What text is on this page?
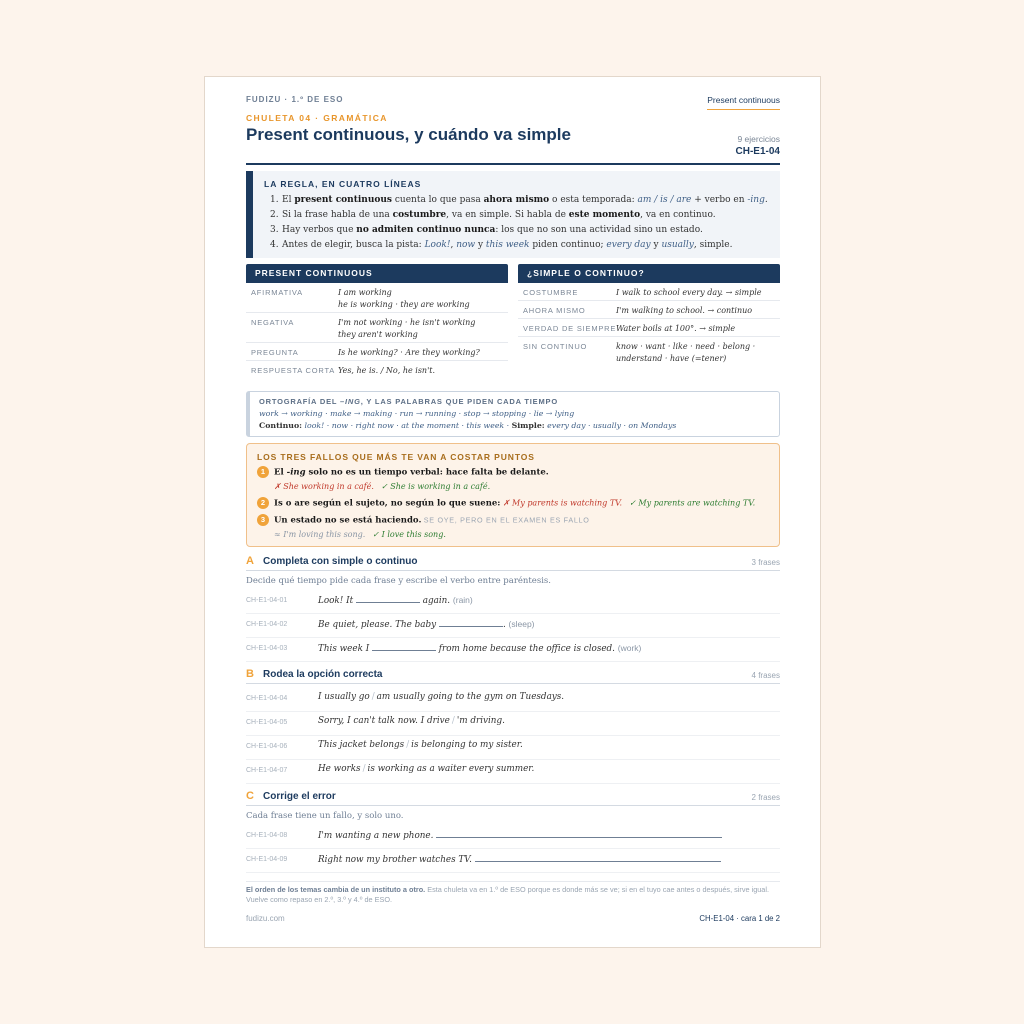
FUDIZU · 1.º DE ESO	Present continuous
CHULETA 04 · GRAMÁTICA
Present continuous, y cuándo va simple	9 ejercicios
CH-E1-04
LA REGLA, EN CUATRO LÍNEAS
1. El present continuous cuenta lo que pasa ahora mismo o esta temporada: am / is / are + verbo en -ing.
2. Si la frase habla de una costumbre, va en simple. Si habla de este momento, va en continuo.
3. Hay verbos que no admiten continuo nunca: los que no son una actividad sino un estado.
4. Antes de elegir, busca la pista: Look!, now y this week piden continuo; every day y usually, simple.
PRESENT CONTINUOUS
AFIRMATIVA	I am working
he is working · they are working
NEGATIVA	I'm not working · he isn't working
they aren't working
PREGUNTA	Is he working? · Are they working?
RESPUESTA CORTA Yes, he is. / No, he isn't.
¿SIMPLE O CONTINUO?
COSTUMBRE	I walk to school every day. → simple
AHORA MISMO	I'm walking to school. → continuo
VERDAD DE SIEMPRE Water boils at 100°. → simple
SIN CONTINUO	know · want · like · need · belong ·
understand · have (=tener)
ORTOGRAFÍA DEL –ING, Y LAS PALABRAS QUE PIDEN CADA TIEMPO
work → working · make → making · run → running · stop → stopping · lie → lying
Continuo: look! · now · right now · at the moment · this week · Simple: every day · usually · on Mondays
LOS TRES FALLOS QUE MÁS TE VAN A COSTAR PUNTOS
1 El -ing solo no es un tiempo verbal: hace falta be delante.
✗ She working in a café. ✓ She is working in a café.
2 Is o are según el sujeto, no según lo que suene: ✗ My parents is watching TV. ✓ My parents are watching TV.
3 Un estado no se está haciendo. SE OYE, PERO EN EL EXAMEN ES FALLO
≈ I'm loving this song. ✓ I love this song.
A Completa con simple o continuo	3 frases
Decide qué tiempo pide cada frase y escribe el verbo entre paréntesis.
CH-E1-04-01	Look! It	again. (rain)
CH-E1-04-02	Be quiet, please. The baby	. (sleep)
CH-E1-04-03	This week I	from home because the office is closed. (work)
B Rodea la opción correcta	4 frases
CH-E1-04-04	I usually go / am usually going to the gym on Tuesdays.
CH-E1-04-05	Sorry, I can't talk now. I drive / 'm driving.
CH-E1-04-06	This jacket belongs / is belonging to my sister.
CH-E1-04-07	He works / is working as a waiter every summer.
C Corrige el error	2 frases
Cada frase tiene un fallo, y solo uno.
CH-E1-04-08	I'm wanting a new phone.
CH-E1-04-09	Right now my brother watches TV.
El orden de los temas cambia de un instituto a otro. Esta chuleta va en 1.º de ESO porque es donde más se ve; si en el tuyo cae antes o después, sirve igual. Vuelve como repaso en 2.º, 3.º y 4.º de ESO.
fudizu.com	CH-E1-04 · cara 1 de 2
